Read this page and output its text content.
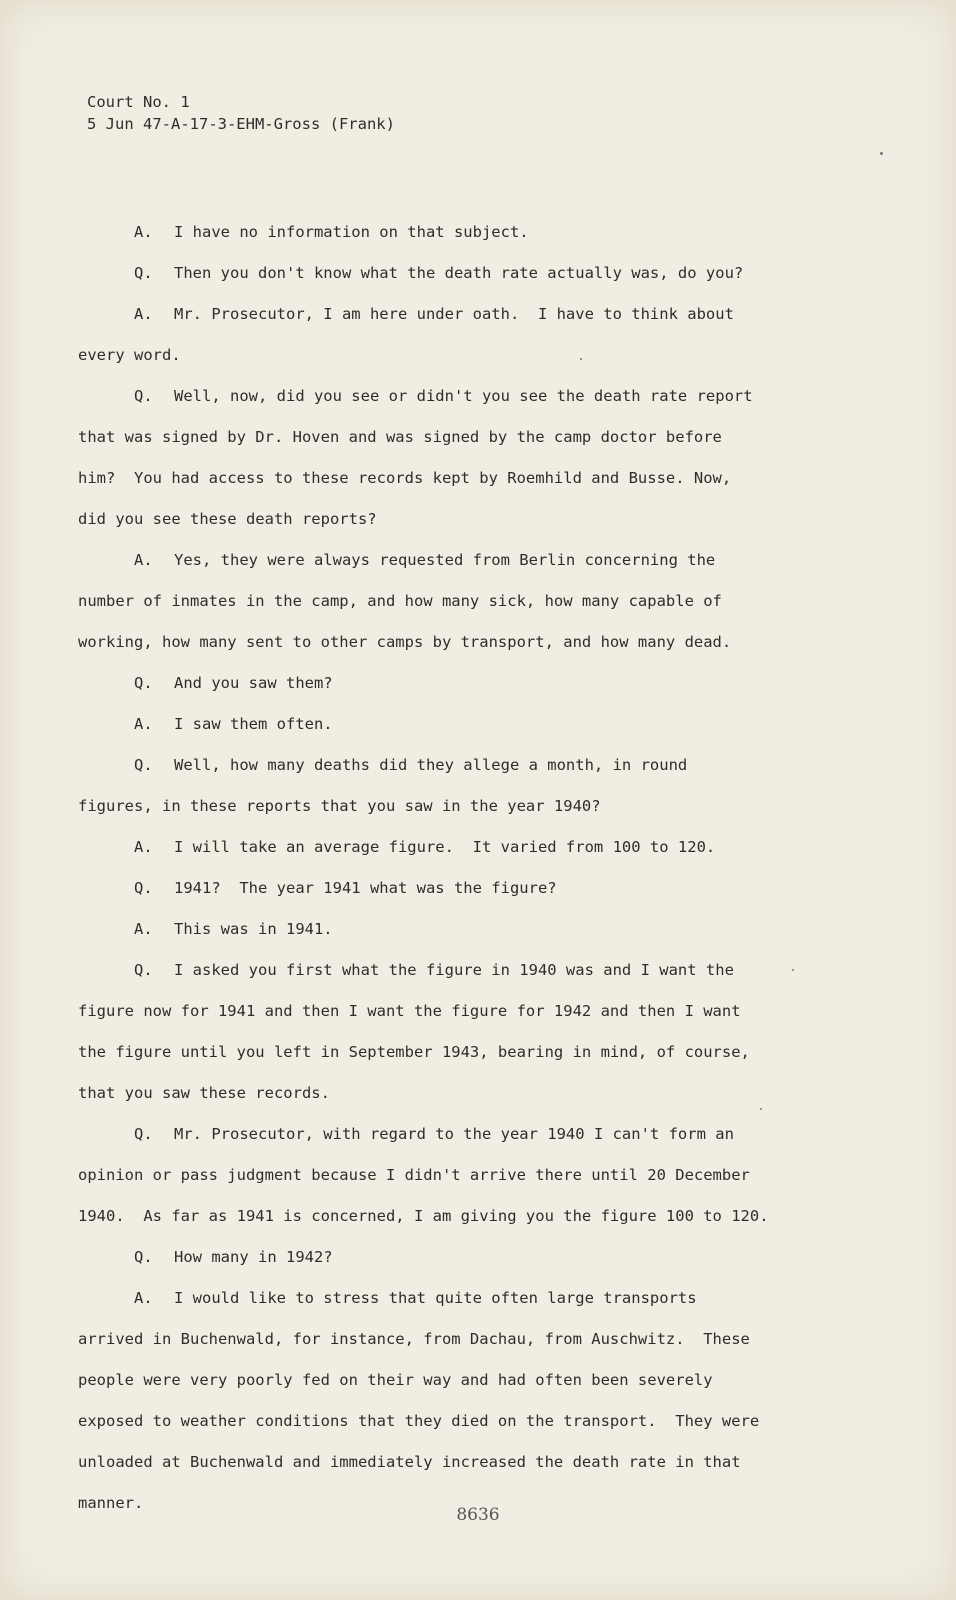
Court No. 1
5 Jun 47-A-17-3-EHM-Gross (Frank)
A. I have no information on that subject.
Q. Then you don't know what the death rate actually was, do you?
A. Mr. Prosecutor, I am here under oath.  I have to think about
every word.
Q. Well, now, did you see or didn't you see the death rate report
that was signed by Dr. Hoven and was signed by the camp doctor before
him?  You had access to these records kept by Roemhild and Busse. Now,
did you see these death reports?
A. Yes, they were always requested from Berlin concerning the
number of inmates in the camp, and how many sick, how many capable of
working, how many sent to other camps by transport, and how many dead.
Q. And you saw them?
A. I saw them often.
Q. Well, how many deaths did they allege a month, in round
figures, in these reports that you saw in the year 1940?
A. I will take an average figure.  It varied from 100 to 120.
Q. 1941?  The year 1941 what was the figure?
A. This was in 1941.
Q. I asked you first what the figure in 1940 was and I want the
figure now for 1941 and then I want the figure for 1942 and then I want
the figure until you left in September 1943, bearing in mind, of course,
that you saw these records.
Q. Mr. Prosecutor, with regard to the year 1940 I can't form an
opinion or pass judgment because I didn't arrive there until 20 December
1940.  As far as 1941 is concerned, I am giving you the figure 100 to 120.
Q. How many in 1942?
A. I would like to stress that quite often large transports
arrived in Buchenwald, for instance, from Dachau, from Auschwitz.  These
people were very poorly fed on their way and had often been severely
exposed to weather conditions that they died on the transport.  They were
unloaded at Buchenwald and immediately increased the death rate in that
manner.
8636
